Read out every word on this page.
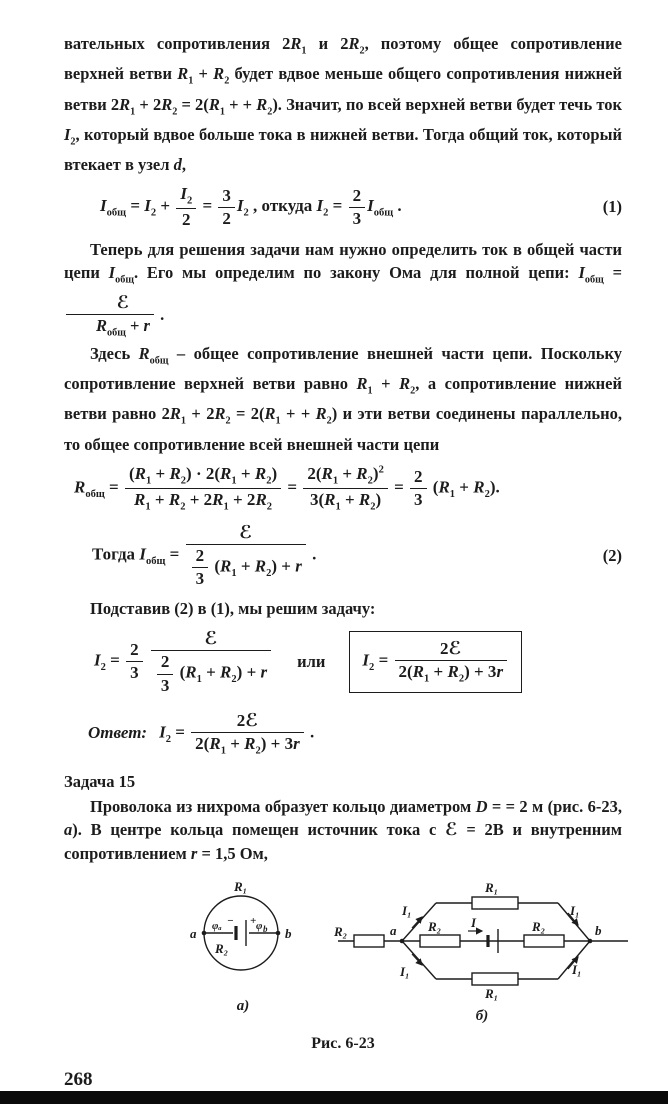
вательных сопротивления $2R_1$ и $2R_2$, поэтому общее сопротивление верхней ветви $R_1 + R_2$ будет вдвое меньше общего сопротивления нижней ветви $2R_1 + 2R_2 = 2(R_1$ + + $R_2$). Значит, по всей верхней ветви будет течь ток $I_2$, который вдвое больше тока в нижней ветви. Тогда общий ток, который втекает в узел d,

$I_{общ} = I_2 + \frac{I_2}{2} = \frac{3}{2} I_2$ , откуда $I_2 = \frac{2}{3} I_{общ}$ .	(1)

Теперь для решения задачи нам нужно определить ток в общей части цепи $I_{общ}$. Его мы определим по закону Ома для полной цепи: $I_{общ}$ =
$\frac{\text{ℰ}}{R_{общ} + r}$ .

Здесь $R_{общ}$ – общее сопротивление внешней части цепи. Поскольку сопротивление верхней ветви равно $R_1 + R_2$, а сопротивление нижней ветви равно $2R_1 + 2R_2 = 2(R_1$ + + $R_2$) и эти ветви соединены параллельно, то общее сопротивление всей внешней части цепи

$R_{общ} = \frac{(R_1 + R_2) \cdot 2(R_1 + R_2)}{R_1 + R_2 + 2R_1 + 2R_2} = \frac{2(R_1 + R_2)^2}{3(R_1 + R_2)} = \frac{2}{3} (R_1 + R_2)$.
Тогда $I_{общ} = \frac{\text{ℰ}}{\frac{2}{3} (R_1 + R_2) + r}$ .	(2)

Подставив (2) в (1), мы решим задачу:

$I_2 = \frac{2}{3}$
$\frac{\text{ℰ}}{\frac{2}{3} (R_1 + R_2) + r}$ или	$I_2 = \frac{\text{2ℰ}}{2(R_1 + R_2) + 3r}$
Ответ: $I_2 = \frac{\text{2ℰ}}{2(R_1 + R_2) + 3r}$ .

Задача 15

Проволока из нихрома образует кольцо диаметром D = = 2 м (рис. 6-23, а). В центре кольца помещен источник тока с ℰ = 2В и внутренним сопротивлением r = 1,5 Ом,

R₁
a	b
φₐ − + φ b
R₂
а)
R₂	a	b
R₁
I₁	I₁
R₂ I	R₂
R₁
I₁	I₁
б)
Рис. 6-23
268
